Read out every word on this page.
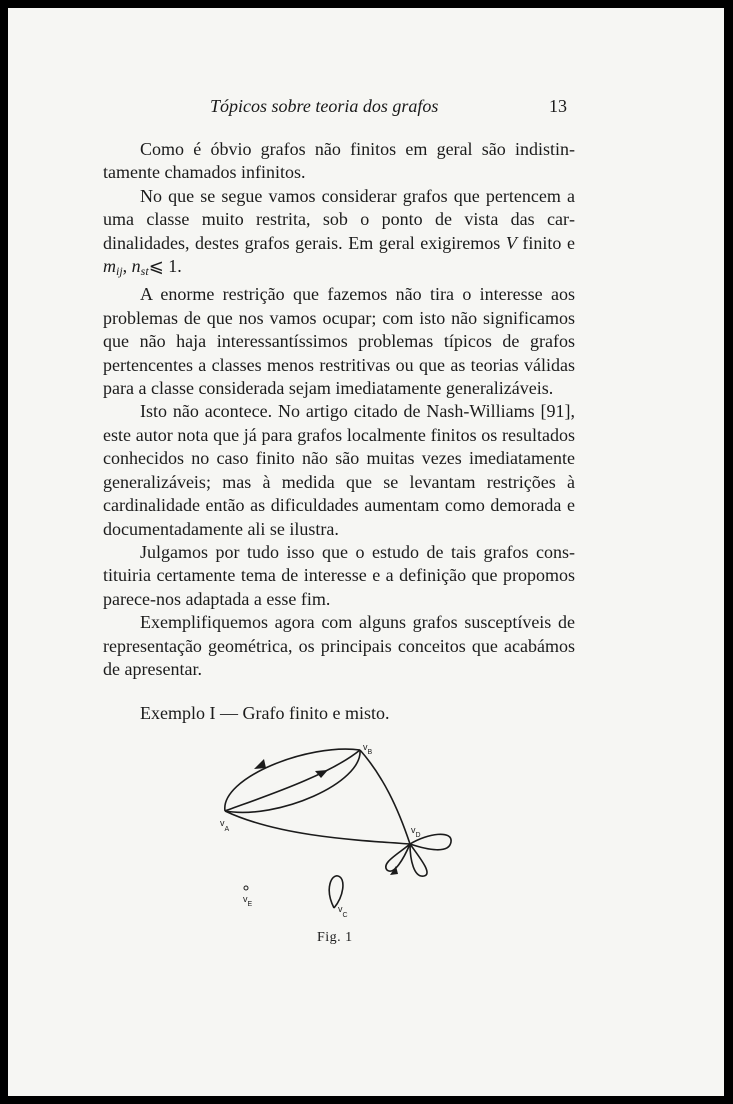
Tópicos sobre teoria dos grafos	13

Como é óbvio grafos não finitos em geral são indistintamente chamados infinitos.

No que se segue vamos considerar grafos que pertencem a uma classe muito restrita, sob o ponto de vista das cardinalidades, destes grafos gerais. Em geral exigiremos V finito e $m_{ij}$, $n_{st}⩽$ 1.

A enorme restrição que fazemos não tira o interesse aos problemas de que nos vamos ocupar; com isto não significamos que não haja interessantíssimos problemas típicos de grafos pertencentes a classes menos restritivas ou que as teorias válidas para a classe considerada sejam imediatamente generalizáveis.

Isto não acontece. No artigo citado de Nash-Williams [91], este autor nota que já para grafos localmente finitos os resultados conhecidos no caso finito não são muitas vezes imediatamente generalizáveis; mas à medida que se levantam restrições à cardinalidade então as dificuldades aumentam como demorada e documentadamente ali se ilustra.

Julgamos por tudo isso que o estudo de tais grafos constituiria certamente tema de interesse e a definição que propomos parece-nos adaptada a esse fim.

Exemplifiquemos agora com alguns grafos susceptíveis de representação geométrica, os principais conceitos que acabámos de apresentar.

Exemplo I — Grafo finito e misto.

$v_A$
$v_B$
$v_D$
$v_C$
$v_E$
Fig. 1
